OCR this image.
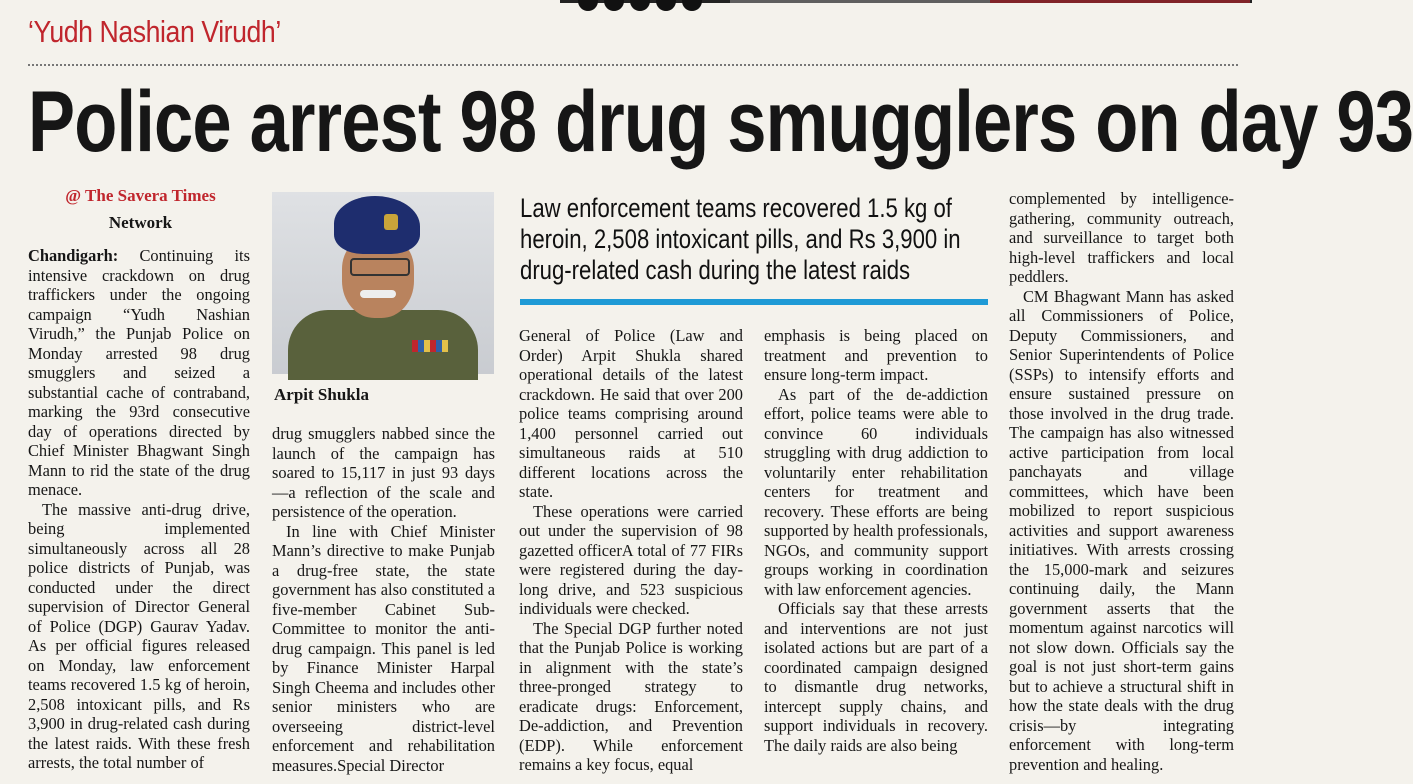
‘Yudh Nashian Virudh’
Police arrest 98 drug smugglers on day 93
@ The Savera Times
Network

Chandigarh: Continuing its intensive crackdown on drug traffickers under the ongoing campaign “Yudh Nashian Virudh,” the Punjab Police on Monday arrested 98 drug smugglers and seized a substantial cache of contraband, marking the 93rd consecutive day of operations directed by Chief Minister Bhagwant Singh Mann to rid the state of the drug menace.

The massive anti-drug drive, being implemented simultaneously across all 28 police districts of Punjab, was conducted under the direct supervision of Director General of Police (DGP) Gaurav Yadav. As per official figures released on Monday, law enforcement teams recovered 1.5 kg of heroin, 2,508 intoxicant pills, and Rs 3,900 in drug-related cash during the latest raids. With these fresh arrests, the total number of

Arpit Shukla

drug smugglers nabbed since the launch of the campaign has soared to 15,117 in just 93 days—a reflection of the scale and persistence of the operation.

In line with Chief Minister Mann’s directive to make Punjab a drug-free state, the state government has also constituted a five-member Cabinet Sub-Committee to monitor the anti-drug campaign. This panel is led by Finance Minister Harpal Singh Cheema and includes other senior ministers who are overseeing district-level enforcement and rehabilitation measures.Special Director

Law enforcement teams recovered 1.5 kg of heroin, 2,508 intoxicant pills, and Rs 3,900 in drug-related cash during the latest raids

General of Police (Law and Order) Arpit Shukla shared operational details of the latest crackdown. He said that over 200 police teams comprising around 1,400 personnel carried out simultaneous raids at 510 different locations across the state.

These operations were carried out under the supervision of 98 gazetted officerA total of 77 FIRs were registered during the day-long drive, and 523 suspicious individuals were checked.

The Special DGP further noted that the Punjab Police is working in alignment with the state’s three-pronged strategy to eradicate drugs: Enforcement, De-addiction, and Prevention (EDP). While enforcement remains a key focus, equal

emphasis is being placed on treatment and prevention to ensure long-term impact.

As part of the de-addiction effort, police teams were able to convince 60 individuals struggling with drug addiction to voluntarily enter rehabilitation centers for treatment and recovery. These efforts are being supported by health professionals, NGOs, and community support groups working in coordination with law enforcement agencies.

Officials say that these arrests and interventions are not just isolated actions but are part of a coordinated campaign designed to dismantle drug networks, intercept supply chains, and support individuals in recovery. The daily raids are also being

complemented by intelligence-gathering, community outreach, and surveillance to target both high-level traffickers and local peddlers.

CM Bhagwant Mann has asked all Commissioners of Police, Deputy Commissioners, and Senior Superintendents of Police (SSPs) to intensify efforts and ensure sustained pressure on those involved in the drug trade. The campaign has also witnessed active participation from local panchayats and village committees, which have been mobilized to report suspicious activities and support awareness initiatives. With arrests crossing the 15,000-mark and seizures continuing daily, the Mann government asserts that the momentum against narcotics will not slow down. Officials say the goal is not just short-term gains but to achieve a structural shift in how the state deals with the drug crisis—by integrating enforcement with long-term prevention and healing.
